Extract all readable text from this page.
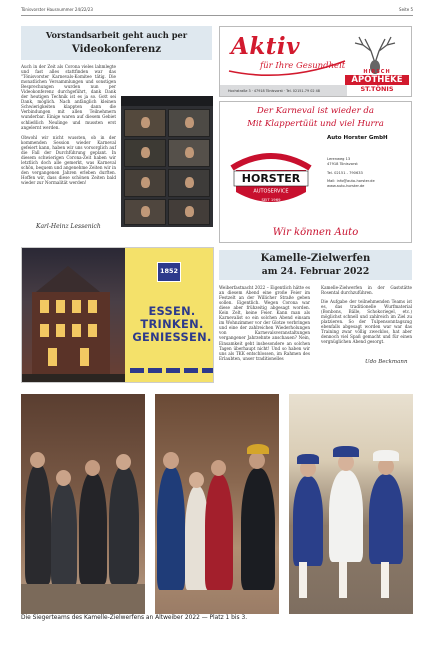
Tönisvorster Hausnummer 24/22/23	Seite 5
Vorstandsarbeit geht auch per
Videokonferenz

Auch in der Zeit als Corona vieles lahmlegte und fast alles stattfinden war das "Tönisvorster Karnevals-Komitee tätig. Die monatlichen Versammlungen und sonstigen Besprechungen wurden nun per Videokonferenz durchgeführt, dank Dank der heutigen Technik ist es ja so. Gott sei Dank, möglich. Nach anfänglich kleinen Schwierigkeiten klappten dann die Verbindungen mit allen Teilnehmern wunderbar. Einige waren auf diesem Gebiet schließlich Neulinge und mussten erst angelernt werden.

Obwohl wir nicht wussten, ob in der kommenden Session wieder Karneval gefeiert kann, haben wir uns vorsorglich auf die Fall der Durchführung geplant. In diesem schwierigen Corona-Zeit haben wir letztlich doch alle gemerkt, was Karneval schön, bequem und angenehme Zeiten wir in den vergangenen Jahren erleben durften. Hoffen wir, dass diese schönen Zeiten bald wieder zur Normalität werden!

Karl-Heinz Lessenich
Aktiv
für Ihre Gesundheit
HIRSCH
APOTHEKE
ST.TÖNIS
Hochstraße 3 · 47918 Tönisvorst · Tel. 02151-79 02 48
Der Karneval ist wieder da
Mit Klappertüüt und viel Hurra
HORSTER
AUTOSERVICE
SEIT 1969
Auto Horster GmbH
Lerenweg 13
47918 Tönisvorst
Tel. 02151 - 790633
Mail: info@auto-horster.de
www.auto-horster.de
Wir können Auto
1852
ESSEN.
TRINKEN.
GENIESSEN.
Kamelle-Zielwerfen
am 24. Februar 2022

Weiberfastnacht 2022 – Eigentlich hätte es an diesem Abend eine große Feier im Festzelt an der Willicher Straße geben sollen. Eigentlich. Wegen Corona war diese aber frühzeitig abgesagt worden. Kein Zelt, keine Feier. Kann man als Karnevalist so ein solchen Abend einsam im Wohnzimmer vor der Glotze verbringen und eine der zahlreichen Wiederholungen von Karnevalsveranstaltungen vergangener Jahrzehnte anschauen? Nein, Einsamkeit geht insbesondere an solchen Tagen überhaupt nicht! Und so haben wir uns als TKK entschlossen, im Rahmen des Erlaubten, unser traditionelles

Kamelle-Zielwerfen in der Gaststätte Rosental durchzuführen.

Die Aufgabe der teilnehmenden Teams ist es, das traditionelle Wurfmaterial (Bonbons, Bälle, Schokoriegel, etc.) möglichst schnell und zahlreich im Ziel zu platzieren. So der Tulpensonntagszug ebenfalls abgesagt worden war war das Training zwar völlig zwecklos, hat aber dennoch viel Spaß gemacht und für einen vergnüglichen Abend gesorgt.

Udo Beckmann
Die Siegerteams des Kamelle-Zielwerfens an Altweiber 2022 — Platz 1 bis 3.
